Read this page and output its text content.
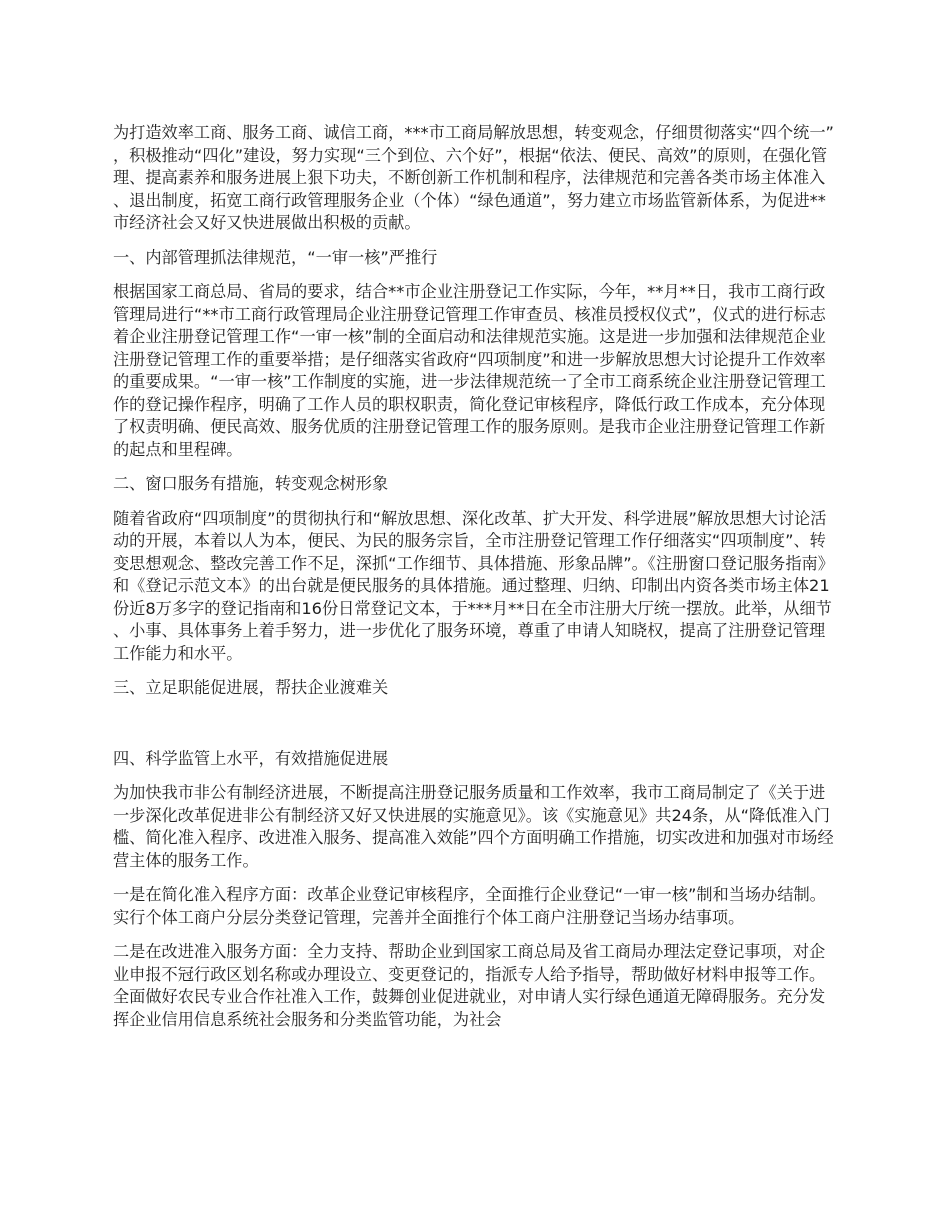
为打造效率工商、服务工商、诚信工商，***市工商局解放思想，转变观念，仔细贯彻落实“四个统一”，积极推动“四化”建设，努力实现“三个到位、六个好”，根据“依法、便民、高效”的原则，在强化管理、提高素养和服务进展上狠下功夫，不断创新工作机制和程序，法律规范和完善各类市场主体准入、退出制度，拓宽工商行政管理服务企业（个体）“绿色通道”，努力建立市场监管新体系，为促进**市经济社会又好又快进展做出积极的贡献。

一、内部管理抓法律规范，“一审一核”严推行

根据国家工商总局、省局的要求，结合**市企业注册登记工作实际，今年，**月**日，我市工商行政管理局进行“**市工商行政管理局企业注册登记管理工作审查员、核准员授权仪式”，仪式的进行标志着企业注册登记管理工作“一审一核”制的全面启动和法律规范实施。这是进一步加强和法律规范企业注册登记管理工作的重要举措；是仔细落实省政府“四项制度”和进一步解放思想大讨论提升工作效率的重要成果。“一审一核”工作制度的实施，进一步法律规范统一了全市工商系统企业注册登记管理工作的登记操作程序，明确了工作人员的职权职责，简化登记审核程序，降低行政工作成本，充分体现了权责明确、便民高效、服务优质的注册登记管理工作的服务原则。是我市企业注册登记管理工作新的起点和里程碑。

二、窗口服务有措施，转变观念树形象

随着省政府“四项制度”的贯彻执行和“解放思想、深化改革、扩大开发、科学进展”解放思想大讨论活动的开展，本着以人为本，便民、为民的服务宗旨，全市注册登记管理工作仔细落实“四项制度”、转变思想观念、整改完善工作不足，深抓“工作细节、具体措施、形象品牌”。《注册窗口登记服务指南》和《登记示范文本》的出台就是便民服务的具体措施。通过整理、归纳、印制出内资各类市场主体21份近8万多字的登记指南和16份日常登记文本，于***月**日在全市注册大厅统一摆放。此举，从细节、小事、具体事务上着手努力，进一步优化了服务环境，尊重了申请人知晓权，提高了注册登记管理工作能力和水平。

三、立足职能促进展，帮扶企业渡难关

四、科学监管上水平，有效措施促进展

为加快我市非公有制经济进展，不断提高注册登记服务质量和工作效率，我市工商局制定了《关于进一步深化改革促进非公有制经济又好又快进展的实施意见》。该《实施意见》共24条，从“降低准入门槛、简化准入程序、改进准入服务、提高准入效能”四个方面明确工作措施，切实改进和加强对市场经营主体的服务工作。

一是在简化准入程序方面：改革企业登记审核程序，全面推行企业登记“一审一核”制和当场办结制。实行个体工商户分层分类登记管理，完善并全面推行个体工商户注册登记当场办结事项。

二是在改进准入服务方面：全力支持、帮助企业到国家工商总局及省工商局办理法定登记事项，对企业申报不冠行政区划名称或办理设立、变更登记的，指派专人给予指导，帮助做好材料申报等工作。全面做好农民专业合作社准入工作，鼓舞创业促进就业，对申请人实行绿色通道无障碍服务。充分发挥企业信用信息系统社会服务和分类监管功能，为社会
